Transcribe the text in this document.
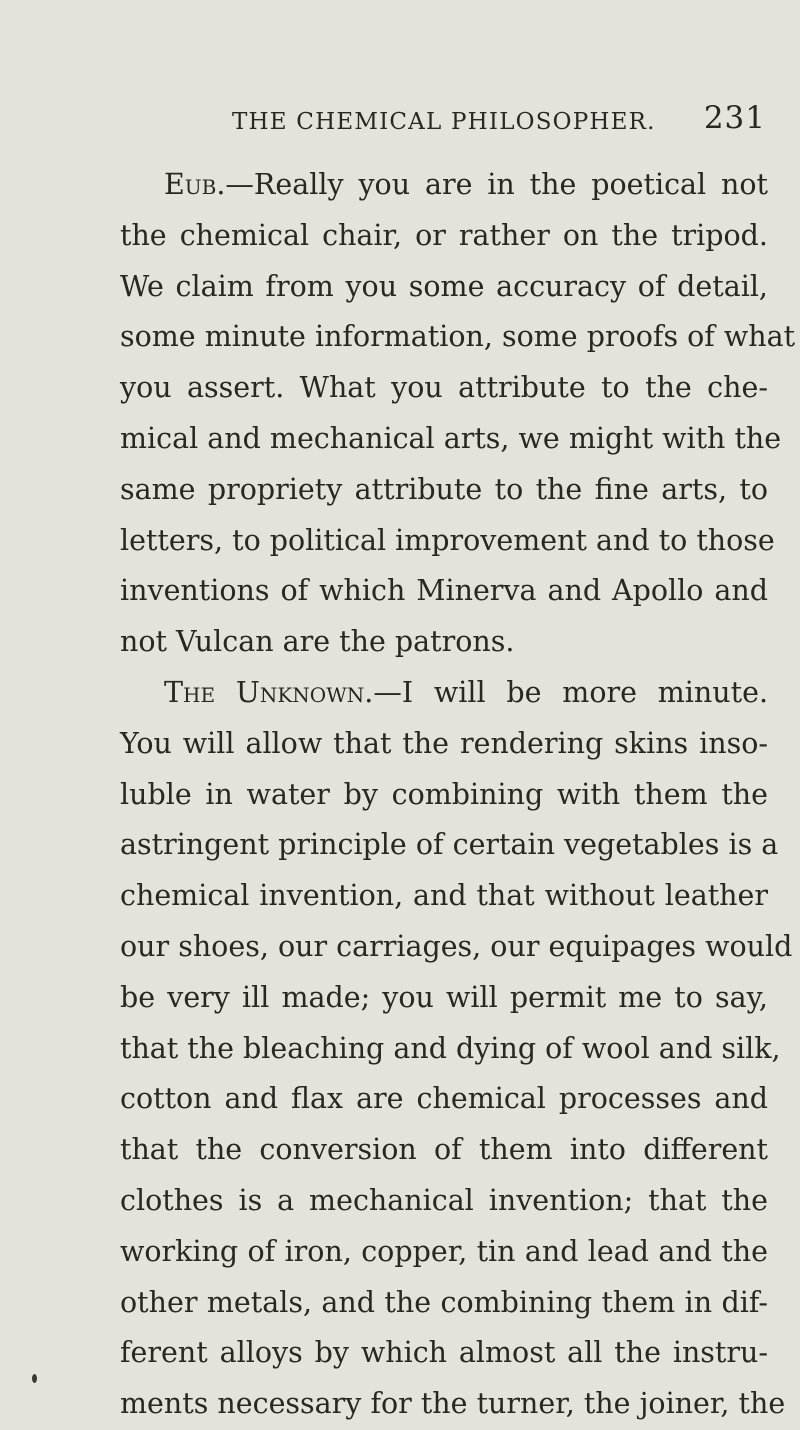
THE CHEMICAL PHILOSOPHER. 231
Eub.—Really you are in the poetical not
the chemical chair, or rather on the tripod.
We claim from you some accuracy of detail,
some minute information, some proofs of what
you assert. What you attribute to the che-
mical and mechanical arts, we might with the
same propriety attribute to the fine arts, to
letters, to political improvement and to those
inventions of which Minerva and Apollo and
not Vulcan are the patrons.
The Unknown.—I will be more minute.
You will allow that the rendering skins inso-
luble in water by combining with them the
astringent principle of certain vegetables is a
chemical invention, and that without leather
our shoes, our carriages, our equipages would
be very ill made; you will permit me to say,
that the bleaching and dying of wool and silk,
cotton and flax are chemical processes and
that the conversion of them into different
clothes is a mechanical invention; that the
working of iron, copper, tin and lead and the
other metals, and the combining them in dif-
ferent alloys by which almost all the instru-
ments necessary for the turner, the joiner, the
